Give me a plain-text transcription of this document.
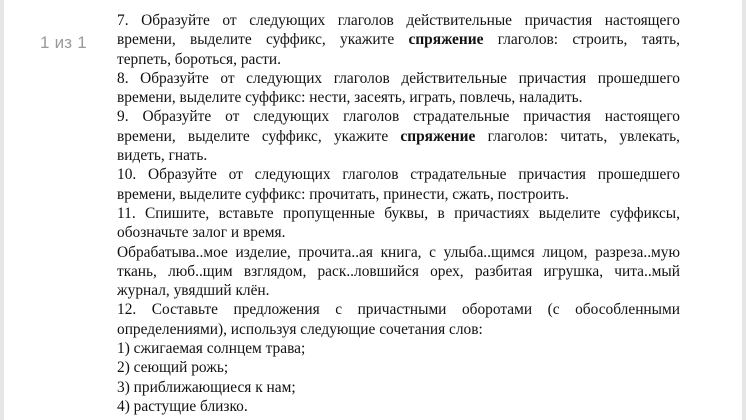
1 из 1

7. Образуйте от следующих глаголов действительные причастия настоящего

времени, выделите суффикс, укажите спряжение глаголов: строить, таять,

терпеть, бороться, расти.

8. Образуйте от следующих глаголов действительные причастия прошедшего

времени, выделите суффикс: нести, засеять, играть, повлечь, наладить.

9. Образуйте от следующих глаголов страдательные причастия настоящего

времени, выделите суффикс, укажите спряжение глаголов: читать, увлекать,

видеть, гнать.

10. Образуйте от следующих глаголов страдательные причастия прошедшего

времени, выделите суффикс: прочитать, принести, сжать, построить.

11. Спишите, вставьте пропущенные буквы, в причастиях выделите суффиксы,

обозначьте залог и время.

Обрабатыва..мое изделие, прочита..ая книга, с улыба..щимся лицом, разреза..мую

ткань, люб..щим взглядом, раск..ловшийся орех, разбитая игрушка, чита..мый

журнал, увядший клён.

12. Составьте предложения с причастными оборотами (с обособленными

определениями), используя следующие сочетания слов:

1) сжигаемая солнцем трава;

2) сеющий рожь;

3) приближающиеся к нам;

4) растущие близко.
